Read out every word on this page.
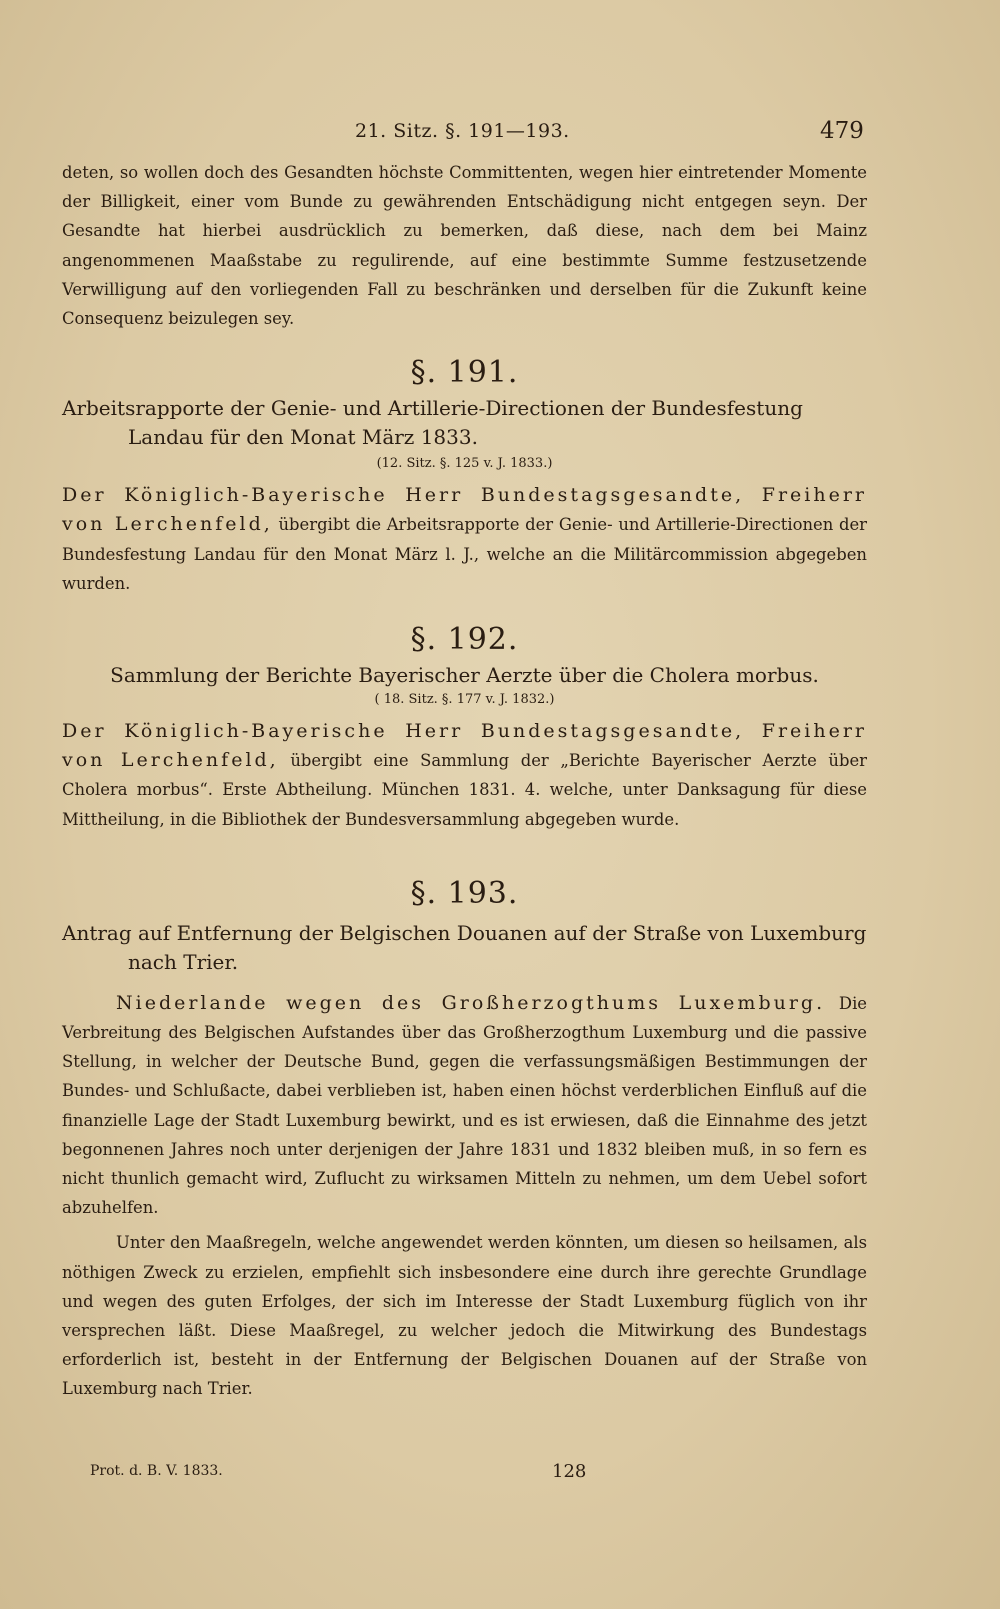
21. Sitz. §. 191—193.	479

deten, so wollen doch des Gesandten höchste Committenten, wegen hier eintretender Momente der Billigkeit, einer vom Bunde zu gewährenden Entschädigung nicht entgegen seyn. Der Gesandte hat hierbei ausdrücklich zu bemerken, daß diese, nach dem bei Mainz angenommenen Maaßstabe zu regulirende, auf eine bestimmte Summe festzusetzende Verwilligung auf den vorliegenden Fall zu beschränken und derselben für die Zukunft keine Consequenz beizulegen sey.

§. 191.

Arbeitsrapporte der Genie- und Artillerie-Directionen der Bundesfestung Landau für den Monat März 1833.

(12. Sitz. §. 125 v. J. 1833.)

Der Königlich-Bayerische Herr Bundestagsgesandte, Freiherr von Lerchenfeld, übergibt die Arbeitsrapporte der Genie- und Artillerie-Directionen der Bundesfestung Landau für den Monat März l. J., welche an die Militärcommission abgegeben wurden.

§. 192.

Sammlung der Berichte Bayerischer Aerzte über die Cholera morbus.

( 18. Sitz. §. 177 v. J. 1832.)

Der Königlich-Bayerische Herr Bundestagsgesandte, Freiherr von Lerchenfeld, übergibt eine Sammlung der „Berichte Bayerischer Aerzte über Cholera morbus“. Erste Abtheilung. München 1831. 4. welche, unter Danksagung für diese Mittheilung, in die Bibliothek der Bundesversammlung abgegeben wurde.

§. 193.

Antrag auf Entfernung der Belgischen Douanen auf der Straße von Luxemburg nach Trier.

Niederlande wegen des Großherzogthums Luxemburg. Die Verbreitung des Belgischen Aufstandes über das Großherzogthum Luxemburg und die passive Stellung, in welcher der Deutsche Bund, gegen die verfassungsmäßigen Bestimmungen der Bundes- und Schlußacte, dabei verblieben ist, haben einen höchst verderblichen Einfluß auf die finanzielle Lage der Stadt Luxemburg bewirkt, und es ist erwiesen, daß die Einnahme des jetzt begonnenen Jahres noch unter derjenigen der Jahre 1831 und 1832 bleiben muß, in so fern es nicht thunlich gemacht wird, Zuflucht zu wirksamen Mitteln zu nehmen, um dem Uebel sofort abzuhelfen.

Unter den Maaßregeln, welche angewendet werden könnten, um diesen so heilsamen, als nöthigen Zweck zu erzielen, empfiehlt sich insbesondere eine durch ihre gerechte Grundlage und wegen des guten Erfolges, der sich im Interesse der Stadt Luxemburg füglich von ihr versprechen läßt. Diese Maaßregel, zu welcher jedoch die Mitwirkung des Bundestags erforderlich ist, besteht in der Entfernung der Belgischen Douanen auf der Straße von Luxemburg nach Trier.

Prot. d. B. V. 1833.	128
